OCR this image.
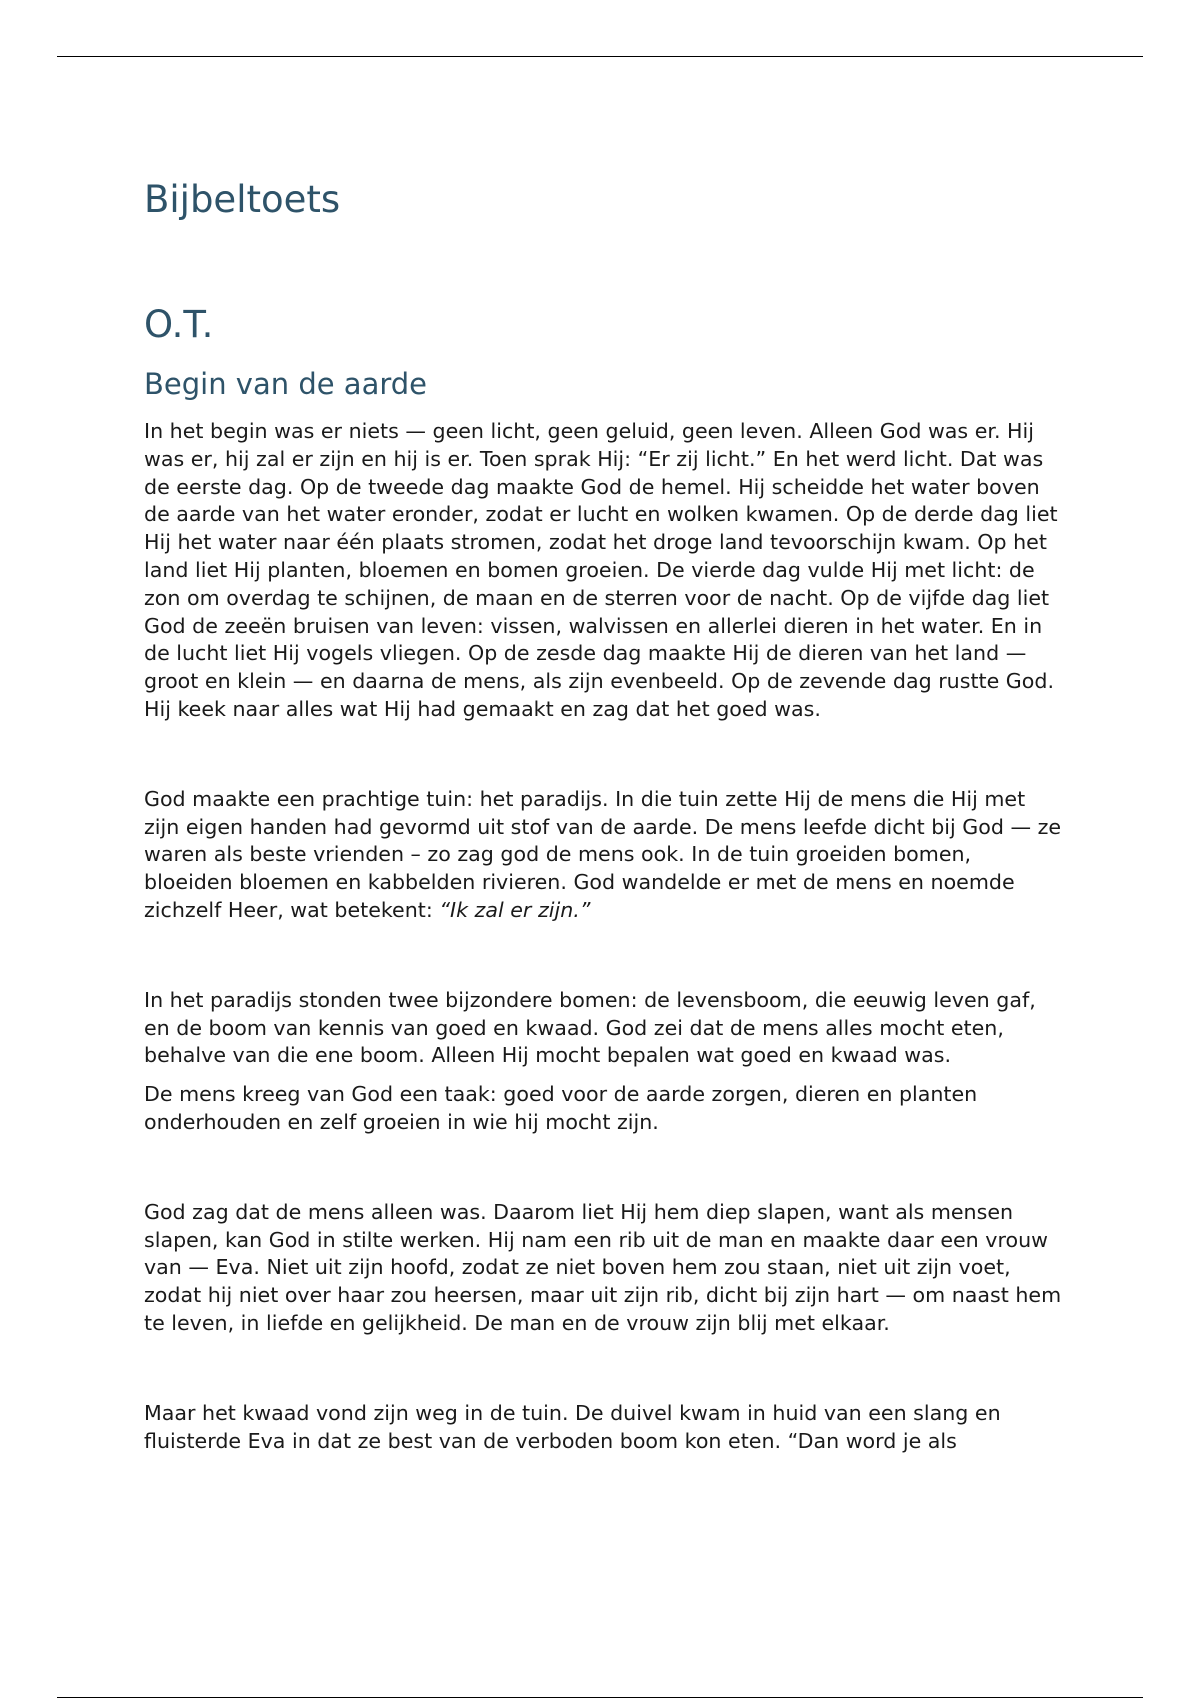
Bijbeltoets
O.T.
Begin van de aarde

In het begin was er niets — geen licht, geen geluid, geen leven. Alleen God was er. Hij was er, hij zal er zijn en hij is er. Toen sprak Hij: “Er zij licht.” En het werd licht. Dat was de eerste dag. Op de tweede dag maakte God de hemel. Hij scheidde het water boven de aarde van het water eronder, zodat er lucht en wolken kwamen. Op de derde dag liet Hij het water naar één plaats stromen, zodat het droge land tevoorschijn kwam. Op het land liet Hij planten, bloemen en bomen groeien. De vierde dag vulde Hij met licht: de zon om overdag te schijnen, de maan en de sterren voor de nacht. Op de vijfde dag liet God de zeeën bruisen van leven: vissen, walvissen en allerlei dieren in het water. En in de lucht liet Hij vogels vliegen. Op de zesde dag maakte Hij de dieren van het land — groot en klein — en daarna de mens, als zijn evenbeeld. Op de zevende dag rustte God. Hij keek naar alles wat Hij had gemaakt en zag dat het goed was.

God maakte een prachtige tuin: het paradijs. In die tuin zette Hij de mens die Hij met zijn eigen handen had gevormd uit stof van de aarde. De mens leefde dicht bij God — ze waren als beste vrienden – zo zag god de mens ook. In de tuin groeiden bomen, bloeiden bloemen en kabbelden rivieren. God wandelde er met de mens en noemde zichzelf Heer, wat betekent: “Ik zal er zijn.”

In het paradijs stonden twee bijzondere bomen: de levensboom, die eeuwig leven gaf, en de boom van kennis van goed en kwaad. God zei dat de mens alles mocht eten, behalve van die ene boom. Alleen Hij mocht bepalen wat goed en kwaad was.

De mens kreeg van God een taak: goed voor de aarde zorgen, dieren en planten onderhouden en zelf groeien in wie hij mocht zijn.

God zag dat de mens alleen was. Daarom liet Hij hem diep slapen, want als mensen slapen, kan God in stilte werken. Hij nam een rib uit de man en maakte daar een vrouw van — Eva. Niet uit zijn hoofd, zodat ze niet boven hem zou staan, niet uit zijn voet, zodat hij niet over haar zou heersen, maar uit zijn rib, dicht bij zijn hart — om naast hem te leven, in liefde en gelijkheid. De man en de vrouw zijn blij met elkaar.

Maar het kwaad vond zijn weg in de tuin. De duivel kwam in huid van een slang en fluisterde Eva in dat ze best van de verboden boom kon eten. “Dan word je als
